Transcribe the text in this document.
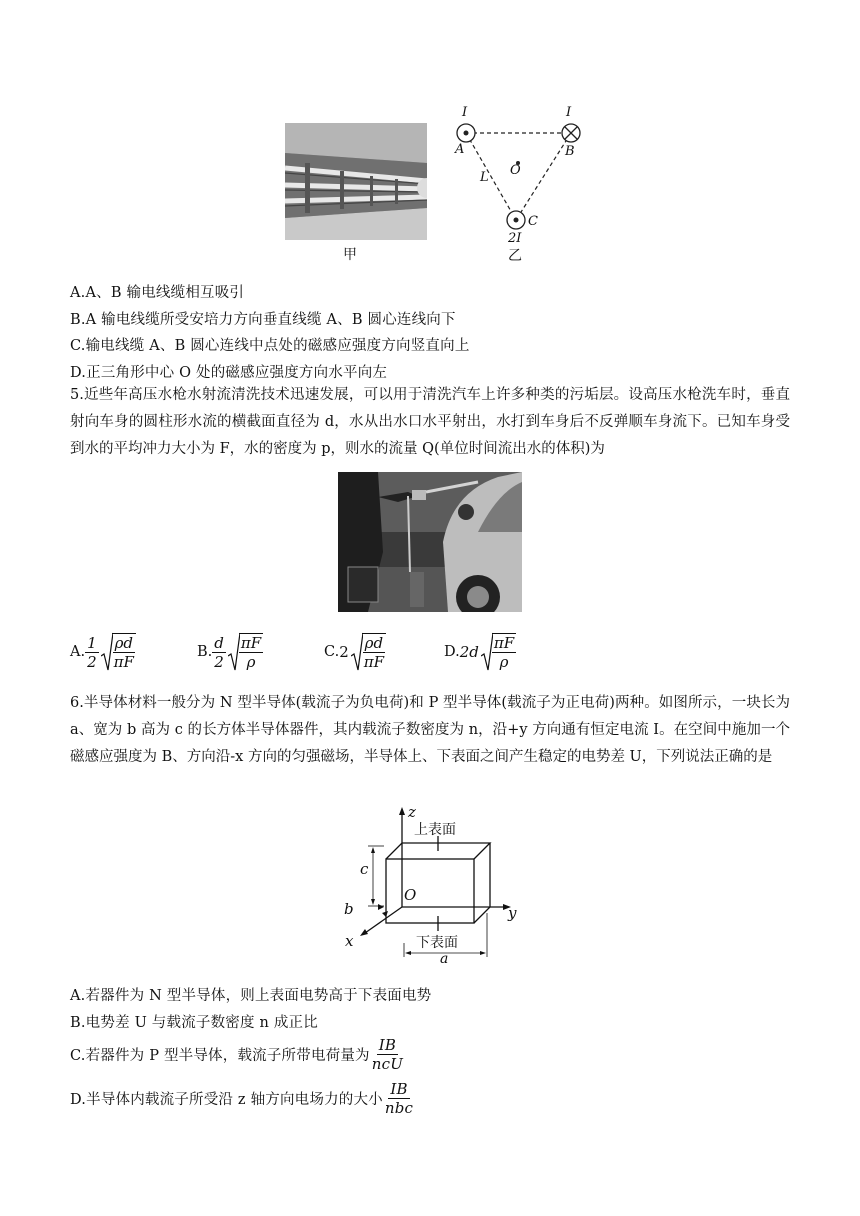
甲
I	I
A	B
O
L
C
2I
乙
A.A、B 输电线缆相互吸引
B.A 输电线缆所受安培力方向垂直线缆 A、B 圆心连线向下
C.输电线缆 A、B 圆心连线中点处的磁感应强度方向竖直向上
D.正三角形中心 O 处的磁感应强度方向水平向左
5.近些年高压水枪水射流清洗技术迅速发展，可以用于清洗汽车上许多种类的污垢层。设高压水枪洗车时，垂直射向车身的圆柱形水流的横截面直径为 d，水从出水口水平射出，水打到车身后不反弹顺车身流下。已知车身受到水的平均冲力大小为 F，水的密度为 p，则水的流量 Q(单位时间流出水的体积)为
A. $\frac{1}{2} \frac{\rho d}{\pi F}$	B. $\frac{d}{2} \frac{\pi F}{\rho}$	C. $2 \frac{\rho d}{\pi F}$	D. $2d \frac{\pi F}{\rho}$
6.半导体材料一般分为 N 型半导体(载流子为负电荷)和 P 型半导体(载流子为正电荷)两种。如图所示，一块长为 a、宽为 b 高为 c 的长方体半导体器件，其内载流子数密度为 n，沿+y 方向通有恒定电流 I。在空间中施加一个磁感应强度为 B、方向沿-x 方向的匀强磁场，半导体上、下表面之间产生稳定的电势差 U，下列说法正确的是
z
y
x
O
c
b
a
上表面
下表面
A.若器件为 N 型半导体，则上表面电势高于下表面电势
B.电势差 U 与载流子数密度 n 成正比
C.若器件为 P 型半导体，载流子所带电荷量为 $\frac{IB}{\text{ncU}}$
D.半导体内载流子所受沿 z 轴方向电场力的大小 $\frac{IB}{\text{nbc}}$
